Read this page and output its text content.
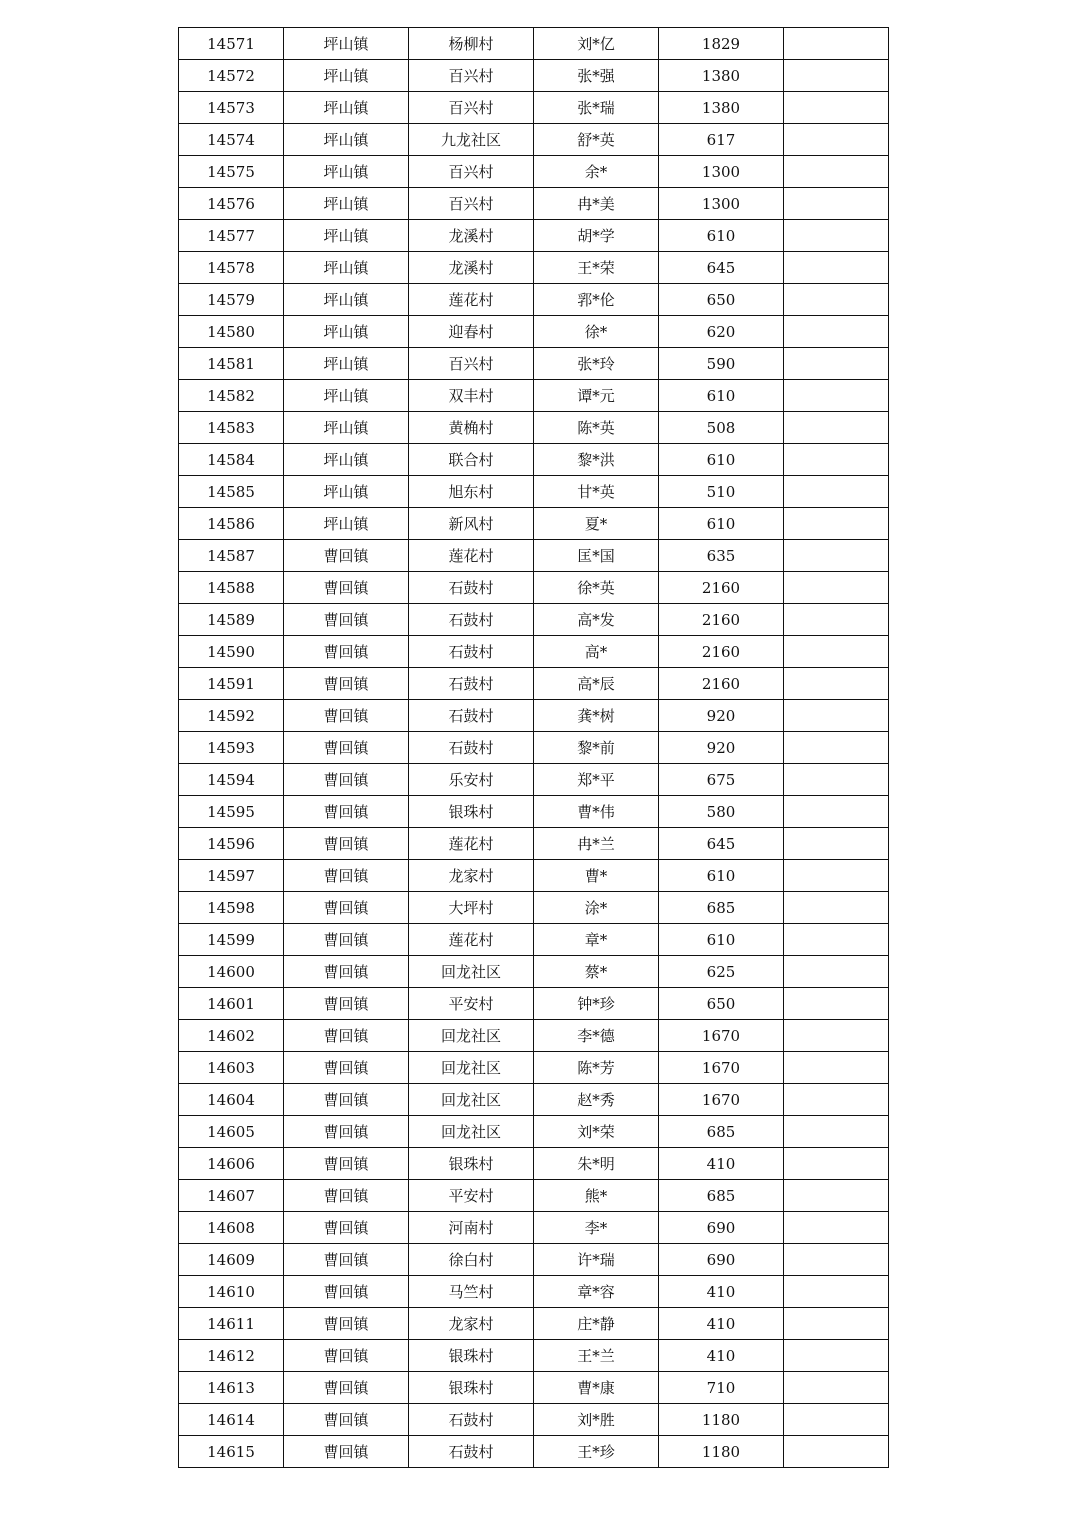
14571	坪山镇	杨柳村	刘*亿	1829	
14572	坪山镇	百兴村	张*强	1380	
14573	坪山镇	百兴村	张*瑞	1380	
14574	坪山镇	九龙社区	舒*英	617	
14575	坪山镇	百兴村	余*	1300	
14576	坪山镇	百兴村	冉*美	1300	
14577	坪山镇	龙溪村	胡*学	610	
14578	坪山镇	龙溪村	王*荣	645	
14579	坪山镇	莲花村	郛*伦	650	
14580	坪山镇	迎春村	徐*	620	
14581	坪山镇	百兴村	张*玲	590	
14582	坪山镇	双丰村	谭*元	610	
14583	坪山镇	黄桷村	陈*英	508	
14584	坪山镇	联合村	黎*洪	610	
14585	坪山镇	旭东村	甘*英	510	
14586	坪山镇	新风村	夏*	610	
14587	曹回镇	莲花村	匡*国	635	
14588	曹回镇	石鼓村	徐*英	2160	
14589	曹回镇	石鼓村	高*发	2160	
14590	曹回镇	石鼓村	高*	2160	
14591	曹回镇	石鼓村	高*辰	2160	
14592	曹回镇	石鼓村	龚*树	920	
14593	曹回镇	石鼓村	黎*前	920	
14594	曹回镇	乐安村	郑*平	675	
14595	曹回镇	银珠村	曹*伟	580	
14596	曹回镇	莲花村	冉*兰	645	
14597	曹回镇	龙家村	曹*	610	
14598	曹回镇	大坪村	涂*	685	
14599	曹回镇	莲花村	章*	610	
14600	曹回镇	回龙社区	蔡*	625	
14601	曹回镇	平安村	钟*珍	650	
14602	曹回镇	回龙社区	李*德	1670	
14603	曹回镇	回龙社区	陈*芳	1670	
14604	曹回镇	回龙社区	赵*秀	1670	
14605	曹回镇	回龙社区	刘*荣	685	
14606	曹回镇	银珠村	朱*明	410	
14607	曹回镇	平安村	熊*	685	
14608	曹回镇	河南村	李*	690	
14609	曹回镇	徐白村	许*瑞	690	
14610	曹回镇	马竺村	章*容	410	
14611	曹回镇	龙家村	庄*静	410	
14612	曹回镇	银珠村	王*兰	410	
14613	曹回镇	银珠村	曹*康	710	
14614	曹回镇	石鼓村	刘*胜	1180	
14615	曹回镇	石鼓村	王*珍	1180	
